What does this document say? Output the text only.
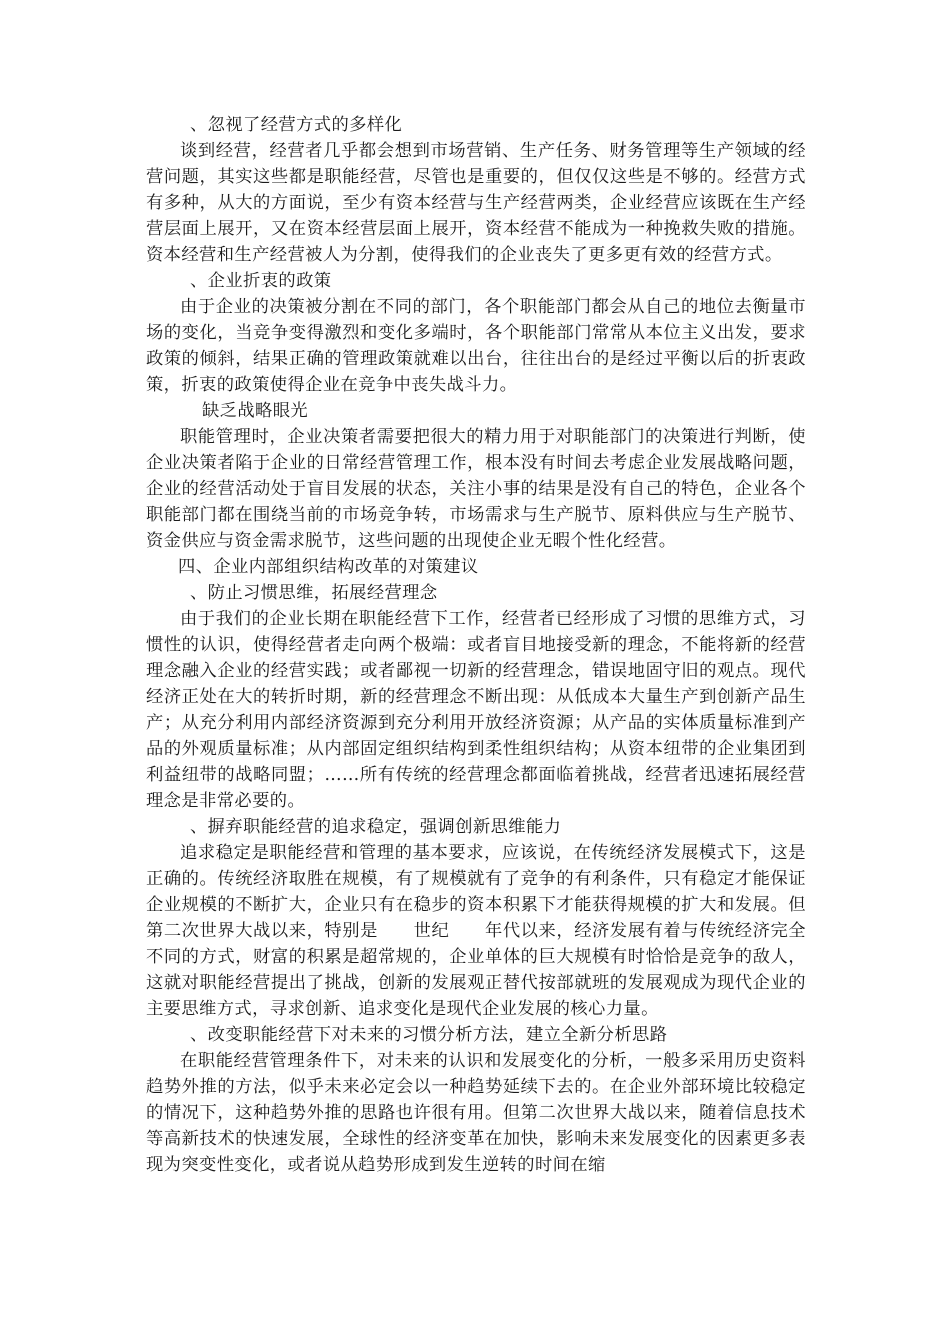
、忽视了经营方式的多样化

谈到经营，经营者几乎都会想到市场营销、生产任务、财务管理等生产领域的经营问题，其实这些都是职能经营，尽管也是重要的，但仅仅这些是不够的。经营方式有多种，从大的方面说，至少有资本经营与生产经营两类，企业经营应该既在生产经营层面上展开，又在资本经营层面上展开，资本经营不能成为一种挽救失败的措施。资本经营和生产经营被人为分割，使得我们的企业丧失了更多更有效的经营方式。

、企业折衷的政策

由于企业的决策被分割在不同的部门，各个职能部门都会从自己的地位去衡量市场的变化，当竞争变得激烈和变化多端时，各个职能部门常常从本位主义出发，要求政策的倾斜，结果正确的管理政策就难以出台，往往出台的是经过平衡以后的折衷政策，折衷的政策使得企业在竞争中丧失战斗力。

缺乏战略眼光

职能管理时，企业决策者需要把很大的精力用于对职能部门的决策进行判断，使企业决策者陷于企业的日常经营管理工作，根本没有时间去考虑企业发展战略问题，企业的经营活动处于盲目发展的状态，关注小事的结果是没有自己的特色，企业各个职能部门都在围绕当前的市场竞争转，市场需求与生产脱节、原料供应与生产脱节、资金供应与资金需求脱节，这些问题的出现使企业无暇个性化经营。

四、企业内部组织结构改革的对策建议

、防止习惯思维，拓展经营理念

由于我们的企业长期在职能经营下工作，经营者已经形成了习惯的思维方式，习惯性的认识，使得经营者走向两个极端：或者盲目地接受新的理念，不能将新的经营理念融入企业的经营实践；或者鄙视一切新的经营理念，错误地固守旧的观点。现代经济正处在大的转折时期，新的经营理念不断出现：从低成本大量生产到创新产品生产；从充分利用内部经济资源到充分利用开放经济资源；从产品的实体质量标准到产品的外观质量标准；从内部固定组织结构到柔性组织结构；从资本纽带的企业集团到利益纽带的战略同盟；……所有传统的经营理念都面临着挑战，经营者迅速拓展经营理念是非常必要的。

、摒弃职能经营的追求稳定，强调创新思维能力

追求稳定是职能经营和管理的基本要求，应该说，在传统经济发展模式下，这是正确的。传统经济取胜在规模，有了规模就有了竞争的有利条件，只有稳定才能保证企业规模的不断扩大，企业只有在稳步的资本积累下才能获得规模的扩大和发展。但第二次世界大战以来，特别是　　世纪　　年代以来，经济发展有着与传统经济完全不同的方式，财富的积累是超常规的，企业单体的巨大规模有时恰恰是竞争的敌人，这就对职能经营提出了挑战，创新的发展观正替代按部就班的发展观成为现代企业的主要思维方式，寻求创新、追求变化是现代企业发展的核心力量。

、改变职能经营下对未来的习惯分析方法，建立全新分析思路

在职能经营管理条件下，对未来的认识和发展变化的分析，一般多采用历史资料趋势外推的方法，似乎未来必定会以一种趋势延续下去的。在企业外部环境比较稳定的情况下，这种趋势外推的思路也许很有用。但第二次世界大战以来，随着信息技术等高新技术的快速发展，全球性的经济变革在加快，影响未来发展变化的因素更多表现为突变性变化，或者说从趋势形成到发生逆转的时间在缩
